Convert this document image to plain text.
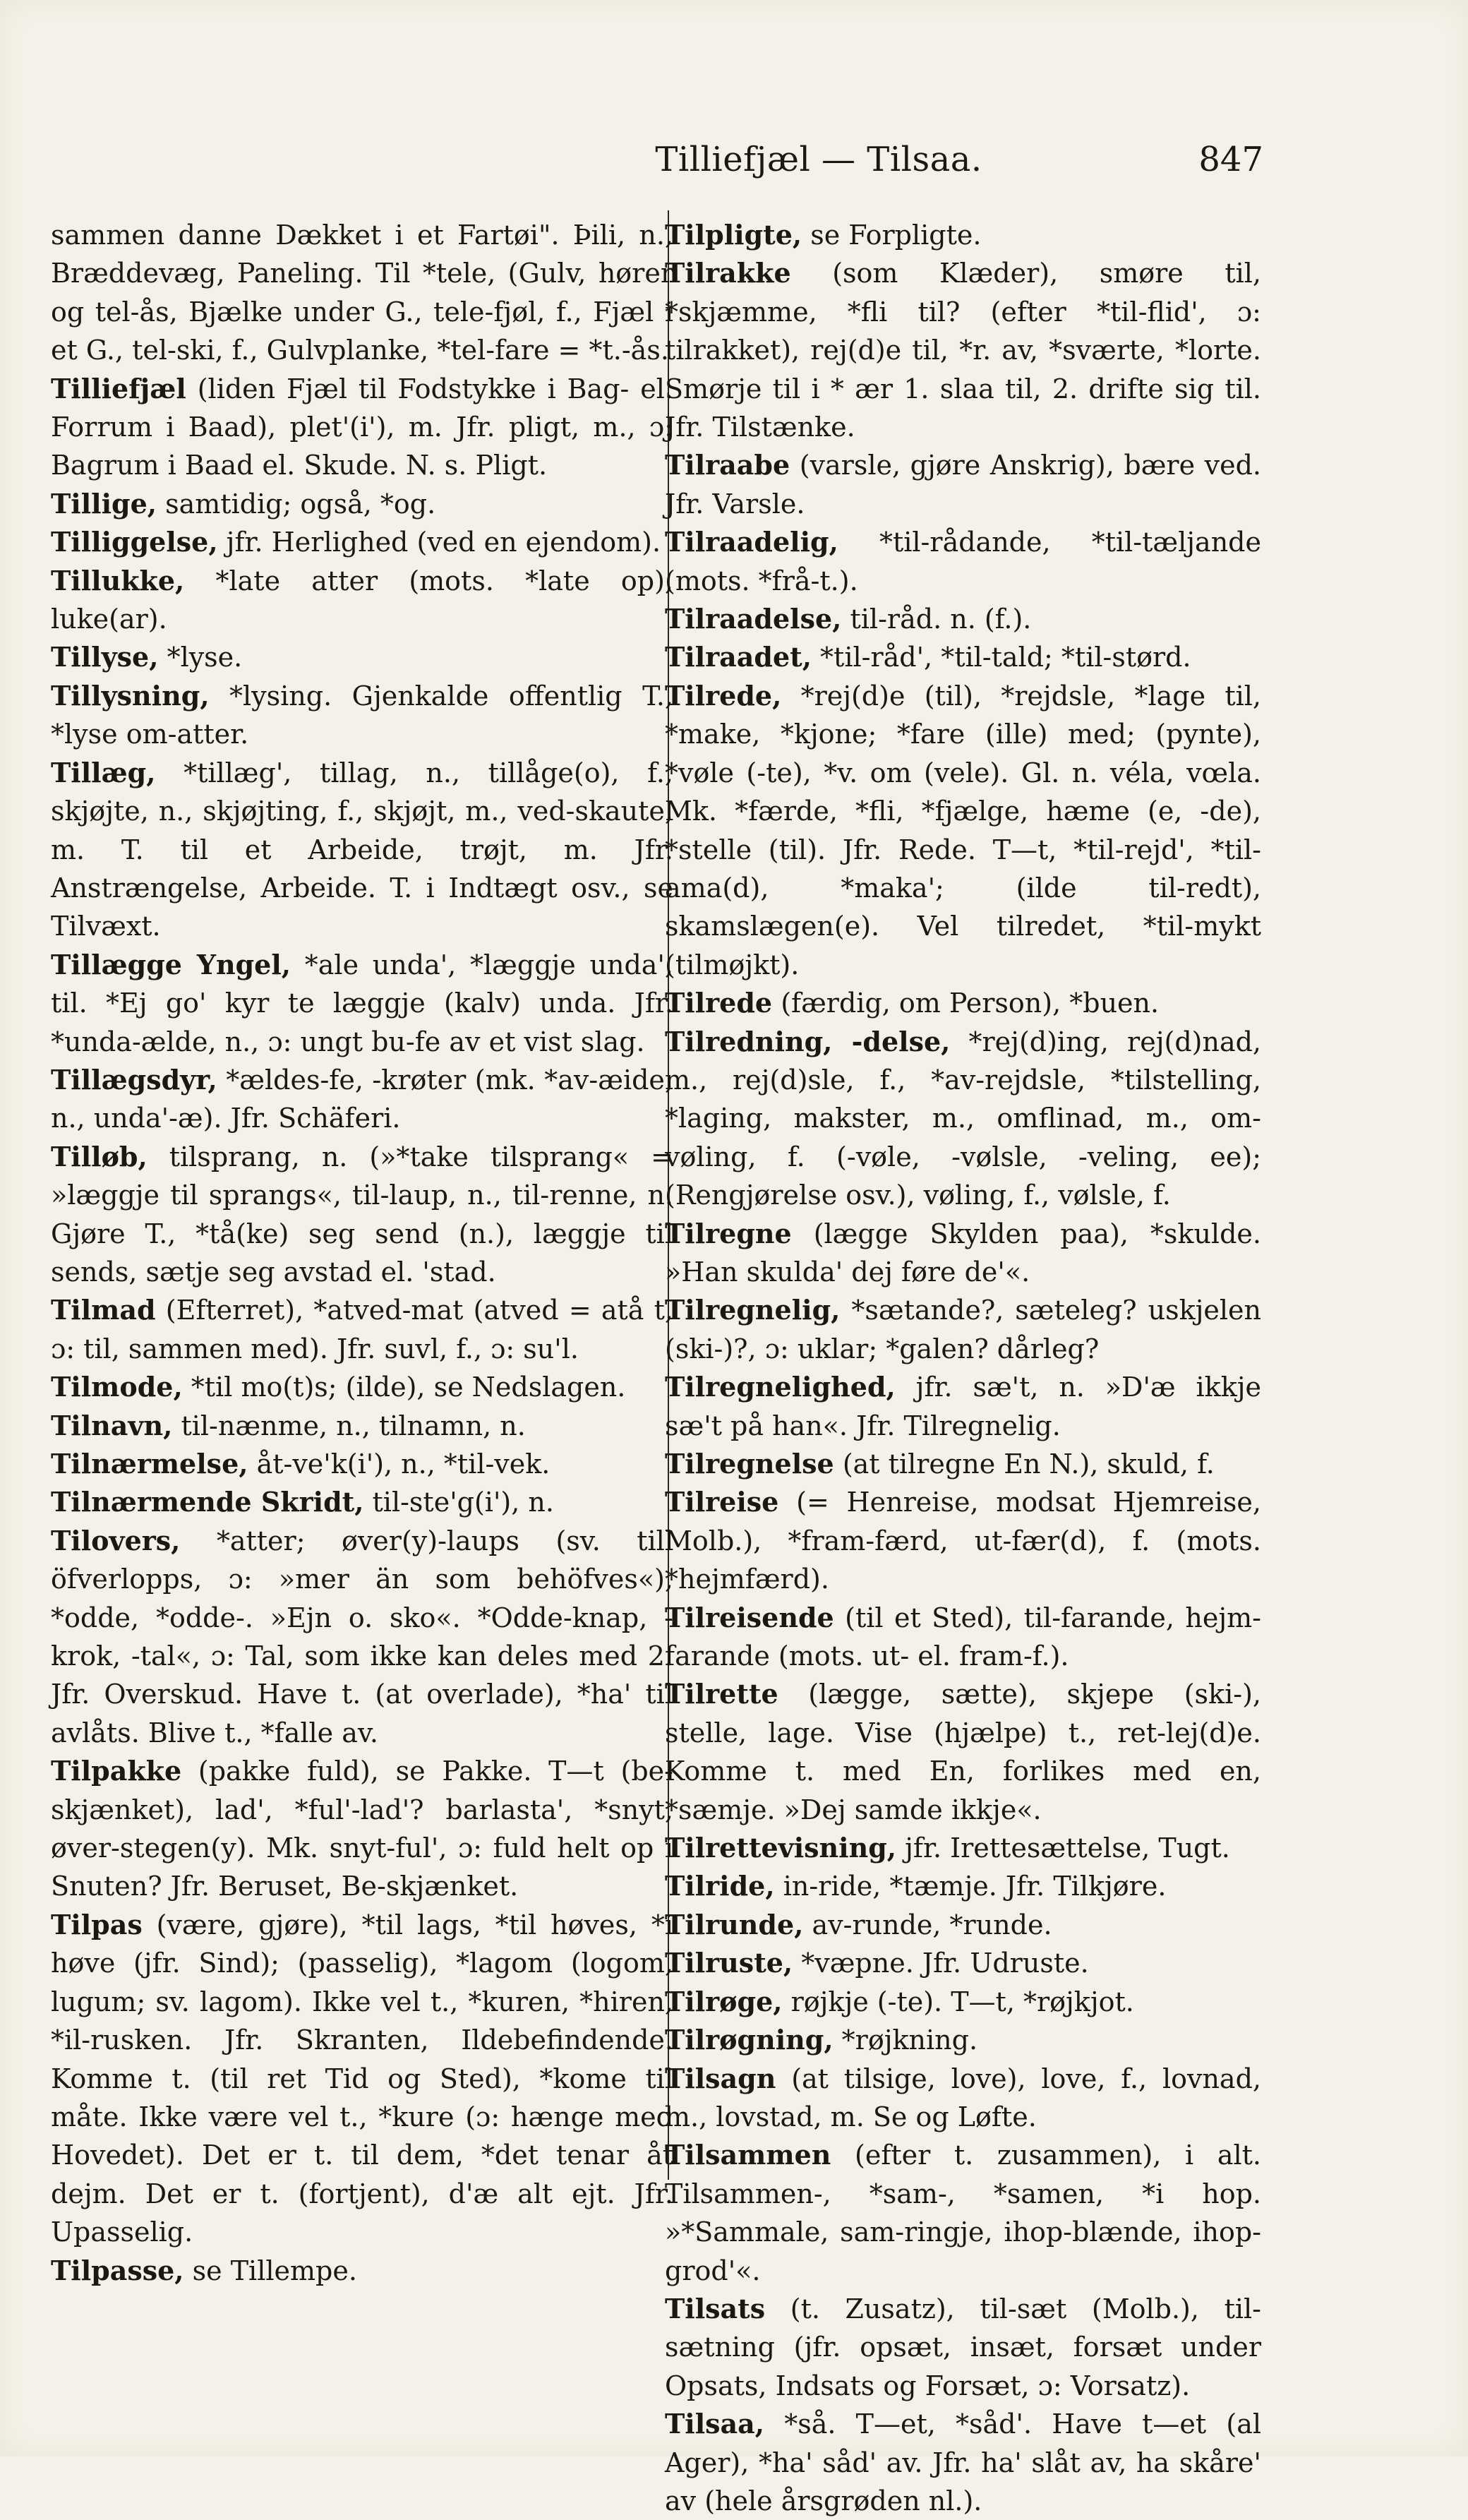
Tilliefjæl — Tilsaa.	847

sammen danne Dækket i et Fartøi". Þili, n., Bræddevæg, Paneling. Til *tele, (Gulv, hører og tel-ås, Bjælke under G., tele-fjøl, f., Fjæl i et G., tel-ski, f., Gulvplanke, *tel-fare = *t.-ås.

Tilliefjæl (liden Fjæl til Fodstykke i Bag- el. Forrum i Baad), plet'(i'), m. Jfr. pligt, m., ɔ: Bagrum i Baad el. Skude. N. s. Pligt.

Tillige, samtidig; også, *og.

Tilliggelse, jfr. Herlighed (ved en ejendom).

Tillukke, *late atter (mots. *late op), luke(ar).

Tillyse, *lyse.

Tillysning, *lysing. Gjenkalde offentlig T., *lyse om-atter.

Tillæg, *tillæg', tillag, n., tillåge(o), f., skjøjte, n., skjøjting, f., skjøjt, m., ved-skaute, m. T. til et Arbeide, trøjt, m. Jfr. Anstrængelse, Arbeide. T. i Indtægt osv., se Tilvæxt.

Tillægge Yngel, *ale unda', *læggje unda', til. *Ej go' kyr te læggje (kalv) unda. Jfr. *unda-ælde, n., ɔ: ungt bu-fe av et vist slag.

Tillægsdyr, *ældes-fe, -krøter (mk. *av-æide, n., unda'-æ). Jfr. Schäferi.

Tilløb, tilsprang, n. (»*take tilsprang« = »læggje til sprangs«, til-laup, n., til-renne, n. Gjøre T., *tå(ke) seg send (n.), læggje til sends, sætje seg avstad el. 'stad.

Tilmad (Efterret), *atved-mat (atved = atå t, ɔ: til, sammen med). Jfr. suvl, f., ɔ: su'l.

Tilmode, *til mo(t)s; (ilde), se Nedslagen.

Tilnavn, til-nænme, n., tilnamn, n.

Tilnærmelse, åt-ve'k(i'), n., *til-vek.

Tilnærmende Skridt, til-ste'g(i'), n.

Tilovers, *atter; øver(y)-laups (sv. till öfverlopps, ɔ: »mer än som behöfves«), *odde, *odde-. »Ejn o. sko«. *Odde-knap, -krok, -tal«, ɔ: Tal, som ikke kan deles med 2. Jfr. Overskud. Have t. (at overlade), *ha' til avlåts. Blive t., *falle av.

Tilpakke (pakke fuld), se Pakke. T—t (be-skjænket), lad', *ful'-lad'? barlasta', *snyt, øver-stegen(y). Mk. snyt-ful', ɔ: fuld helt op i Snuten? Jfr. Beruset, Be-skjænket.

Tilpas (være, gjøre), *til lags, *til høves, *i høve (jfr. Sind); (passelig), *lagom (logom, lugum; sv. lagom). Ikke vel t., *kuren, *hiren, *il-rusken. Jfr. Skranten, Ildebefindende. Komme t. (til ret Tid og Sted), *kome til måte. Ikke være vel t., *kure (ɔ: hænge med Hovedet). Det er t. til dem, *det tenar åt dejm. Det er t. (fortjent), d'æ alt ejt. Jfr. Upasselig.

Tilpasse, se Tillempe.

Tilpligte, se Forpligte.

Tilrakke (som Klæder), smøre til, *skjæmme, *fli til? (efter *til-flid', ɔ: tilrakket), rej(d)e til, *r. av, *sværte, *lorte. Smørje til i * ær 1. slaa til, 2. drifte sig til. Jfr. Tilstænke.

Tilraabe (varsle, gjøre Anskrig), bære ved. Jfr. Varsle.

Tilraadelig, *til-rådande, *til-tæljande (mots. *frå-t.).

Tilraadelse, til-råd. n. (f.).

Tilraadet, *til-råd', *til-tald; *til-størd.

Tilrede, *rej(d)e (til), *rejdsle, *lage til, *make, *kjone; *fare (ille) med; (pynte), *vøle (-te), *v. om (vele). Gl. n. véla, vœla. Mk. *færde, *fli, *fjælge, hæme (e, -de), *stelle (til). Jfr. Rede. T—t, *til-rejd', *til-ama(d), *maka'; (ilde til-redt), skamslægen(e). Vel tilredet, *til-mykt (tilmøjkt).

Tilrede (færdig, om Person), *buen.

Tilredning, -delse, *rej(d)ing, rej(d)nad, m., rej(d)sle, f., *av-rejdsle, *tilstelling, *laging, makster, m., omflinad, m., om-vøling, f. (-vøle, -vølsle, -veling, ee); (Rengjørelse osv.), vøling, f., vølsle, f.

Tilregne (lægge Skylden paa), *skulde. »Han skulda' dej føre de'«.

Tilregnelig, *sætande?, sæteleg? uskjelen (ski-)?, ɔ: uklar; *galen? dårleg?

Tilregnelighed, jfr. sæ't, n. »D'æ ikkje sæ't på han«. Jfr. Tilregnelig.

Tilregnelse (at tilregne En N.), skuld, f.

Tilreise (= Henreise, modsat Hjemreise, Molb.), *fram-færd, ut-fær(d), f. (mots. *hejmfærd).

Tilreisende (til et Sted), til-farande, hejm-farande (mots. ut- el. fram-f.).

Tilrette (lægge, sætte), skjepe (ski-), stelle, lage. Vise (hjælpe) t., ret-lej(d)e. Komme t. med En, forlikes med en, *sæmje. »Dej samde ikkje«.

Tilrettevisning, jfr. Irettesættelse, Tugt.

Tilride, in-ride, *tæmje. Jfr. Tilkjøre.

Tilrunde, av-runde, *runde.

Tilruste, *væpne. Jfr. Udruste.

Tilrøge, røjkje (-te). T—t, *røjkjot.

Tilrøgning, *røjkning.

Tilsagn (at tilsige, love), love, f., lovnad, m., lovstad, m. Se og Løfte.

Tilsammen (efter t. zusammen), i alt. Tilsammen-, *sam-, *samen, *i hop. »*Sammale, sam-ringje, ihop-blænde, ihop-grod'«.

Tilsats (t. Zusatz), til-sæt (Molb.), til-sætning (jfr. opsæt, insæt, forsæt under Opsats, Indsats og Forsæt, ɔ: Vorsatz).

Tilsaa, *så. T—et, *såd'. Have t—et (al Ager), *ha' såd' av. Jfr. ha' slåt av, ha skåre' av (hele årsgrøden nl.).
